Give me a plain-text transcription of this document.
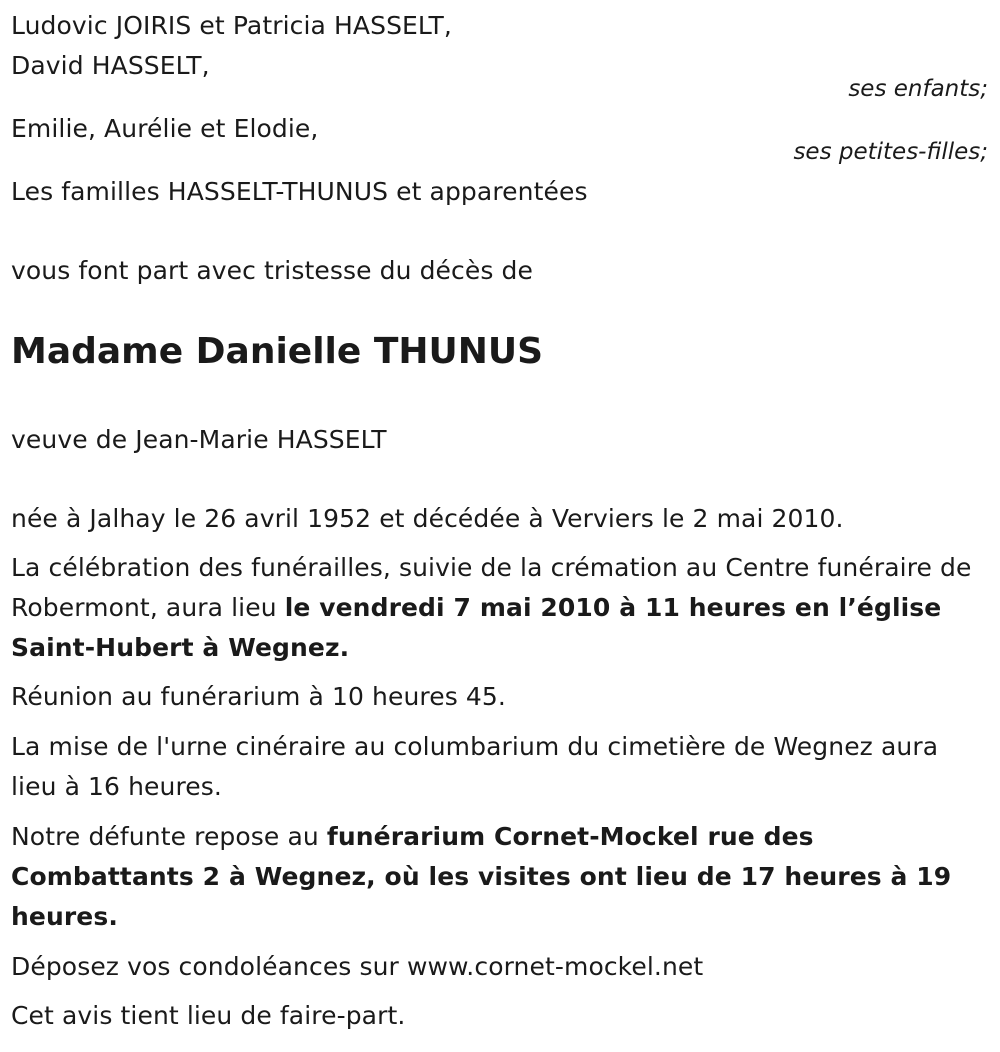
Ludovic JOIRIS et Patricia HASSELT,
David HASSELT,
ses enfants;
Emilie, Aurélie et Elodie,
ses petites-filles;
Les familles HASSELT-THUNUS et apparentées
vous font part avec tristesse du décès de
Madame Danielle THUNUS
veuve de Jean-Marie HASSELT
née à Jalhay le 26 avril 1952 et décédée à Verviers le 2 mai 2010.
La célébration des funérailles, suivie de la crémation au Centre funéraire de Robermont, aura lieu le vendredi 7 mai 2010 à 11 heures en l’église Saint-Hubert à Wegnez.
Réunion au funérarium à 10 heures 45.
La mise de l'urne cinéraire au columbarium du cimetière de Wegnez aura lieu à 16 heures.
Notre défunte repose au funérarium Cornet-Mockel rue des Combattants 2 à Wegnez, où les visites ont lieu de 17 heures à 19 heures.
Déposez vos condoléances sur www.cornet-mockel.net
Cet avis tient lieu de faire-part.
